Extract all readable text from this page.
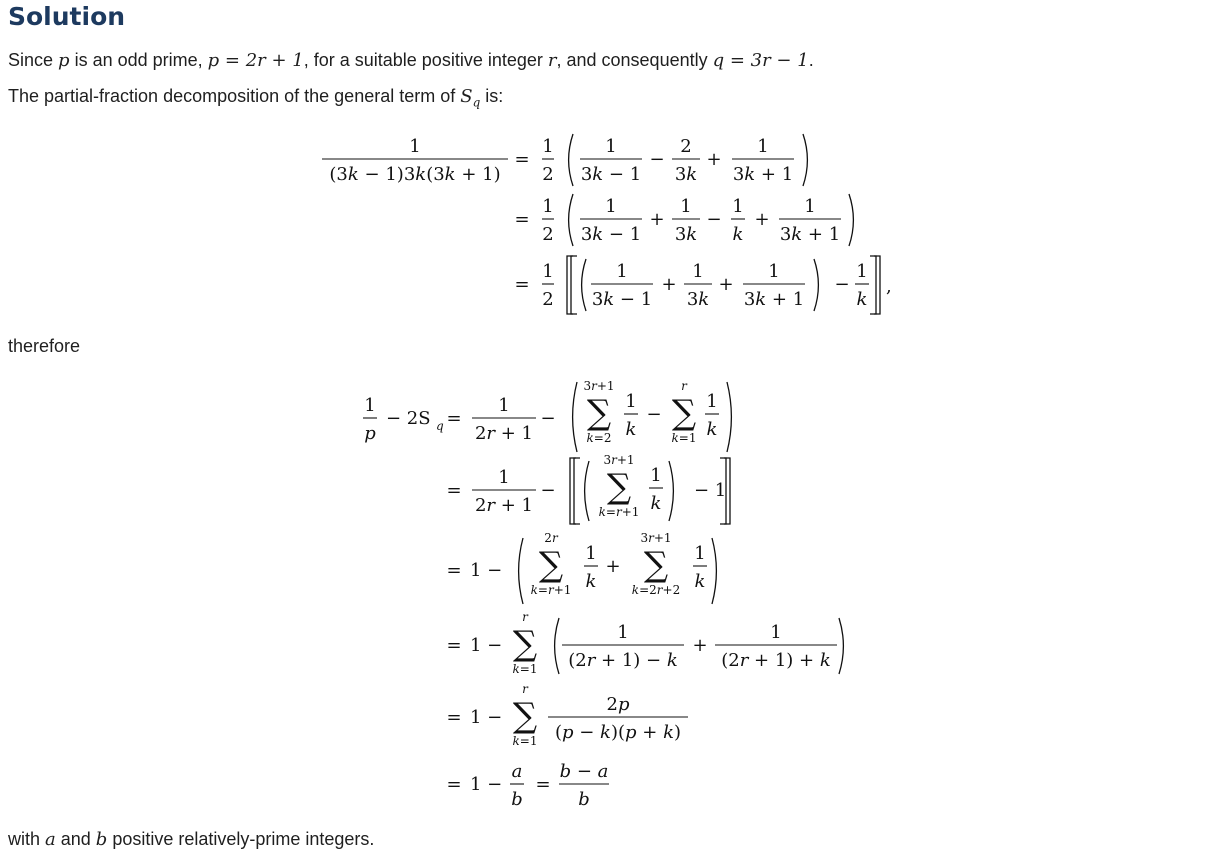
Solution
Since p is an odd prime, p = 2r + 1, for a suitable positive integer r, and consequently q = 3r − 1.
The partial-fraction decomposition of the general term of $S_q$ is:
therefore
with a and b positive relatively-prime integers.
1
(3k − 1)3k(3k + 1)
=
1
2
=
1
2
=
1
2
1
3k − 1
−
2
3k
+
1
3k + 1
1
3k − 1
+
1
3k
−
1
k
+
1
3k + 1
1
3k − 1
+
1
3k
+
1
3k + 1
−
1
k
,
1
p
− 2S q =
=
=
=
=
=
1
2r + 1
− ∑
3r+1
k=2
1
k
− ∑
r
k=1
1
k
1
2r + 1
− ∑
3r+1
k=r+1
1
k
− 1
1 − ∑
2r
k=r+1
1
k
+ ∑
3r+1
k=2r+2
1
k
1 − ∑
r
k=1
1
(2r + 1) − k
+
1
(2r + 1) + k
1 − ∑
r
k=1
2p
(p − k)(p + k)
1 −
a
b
=
b − a
b
